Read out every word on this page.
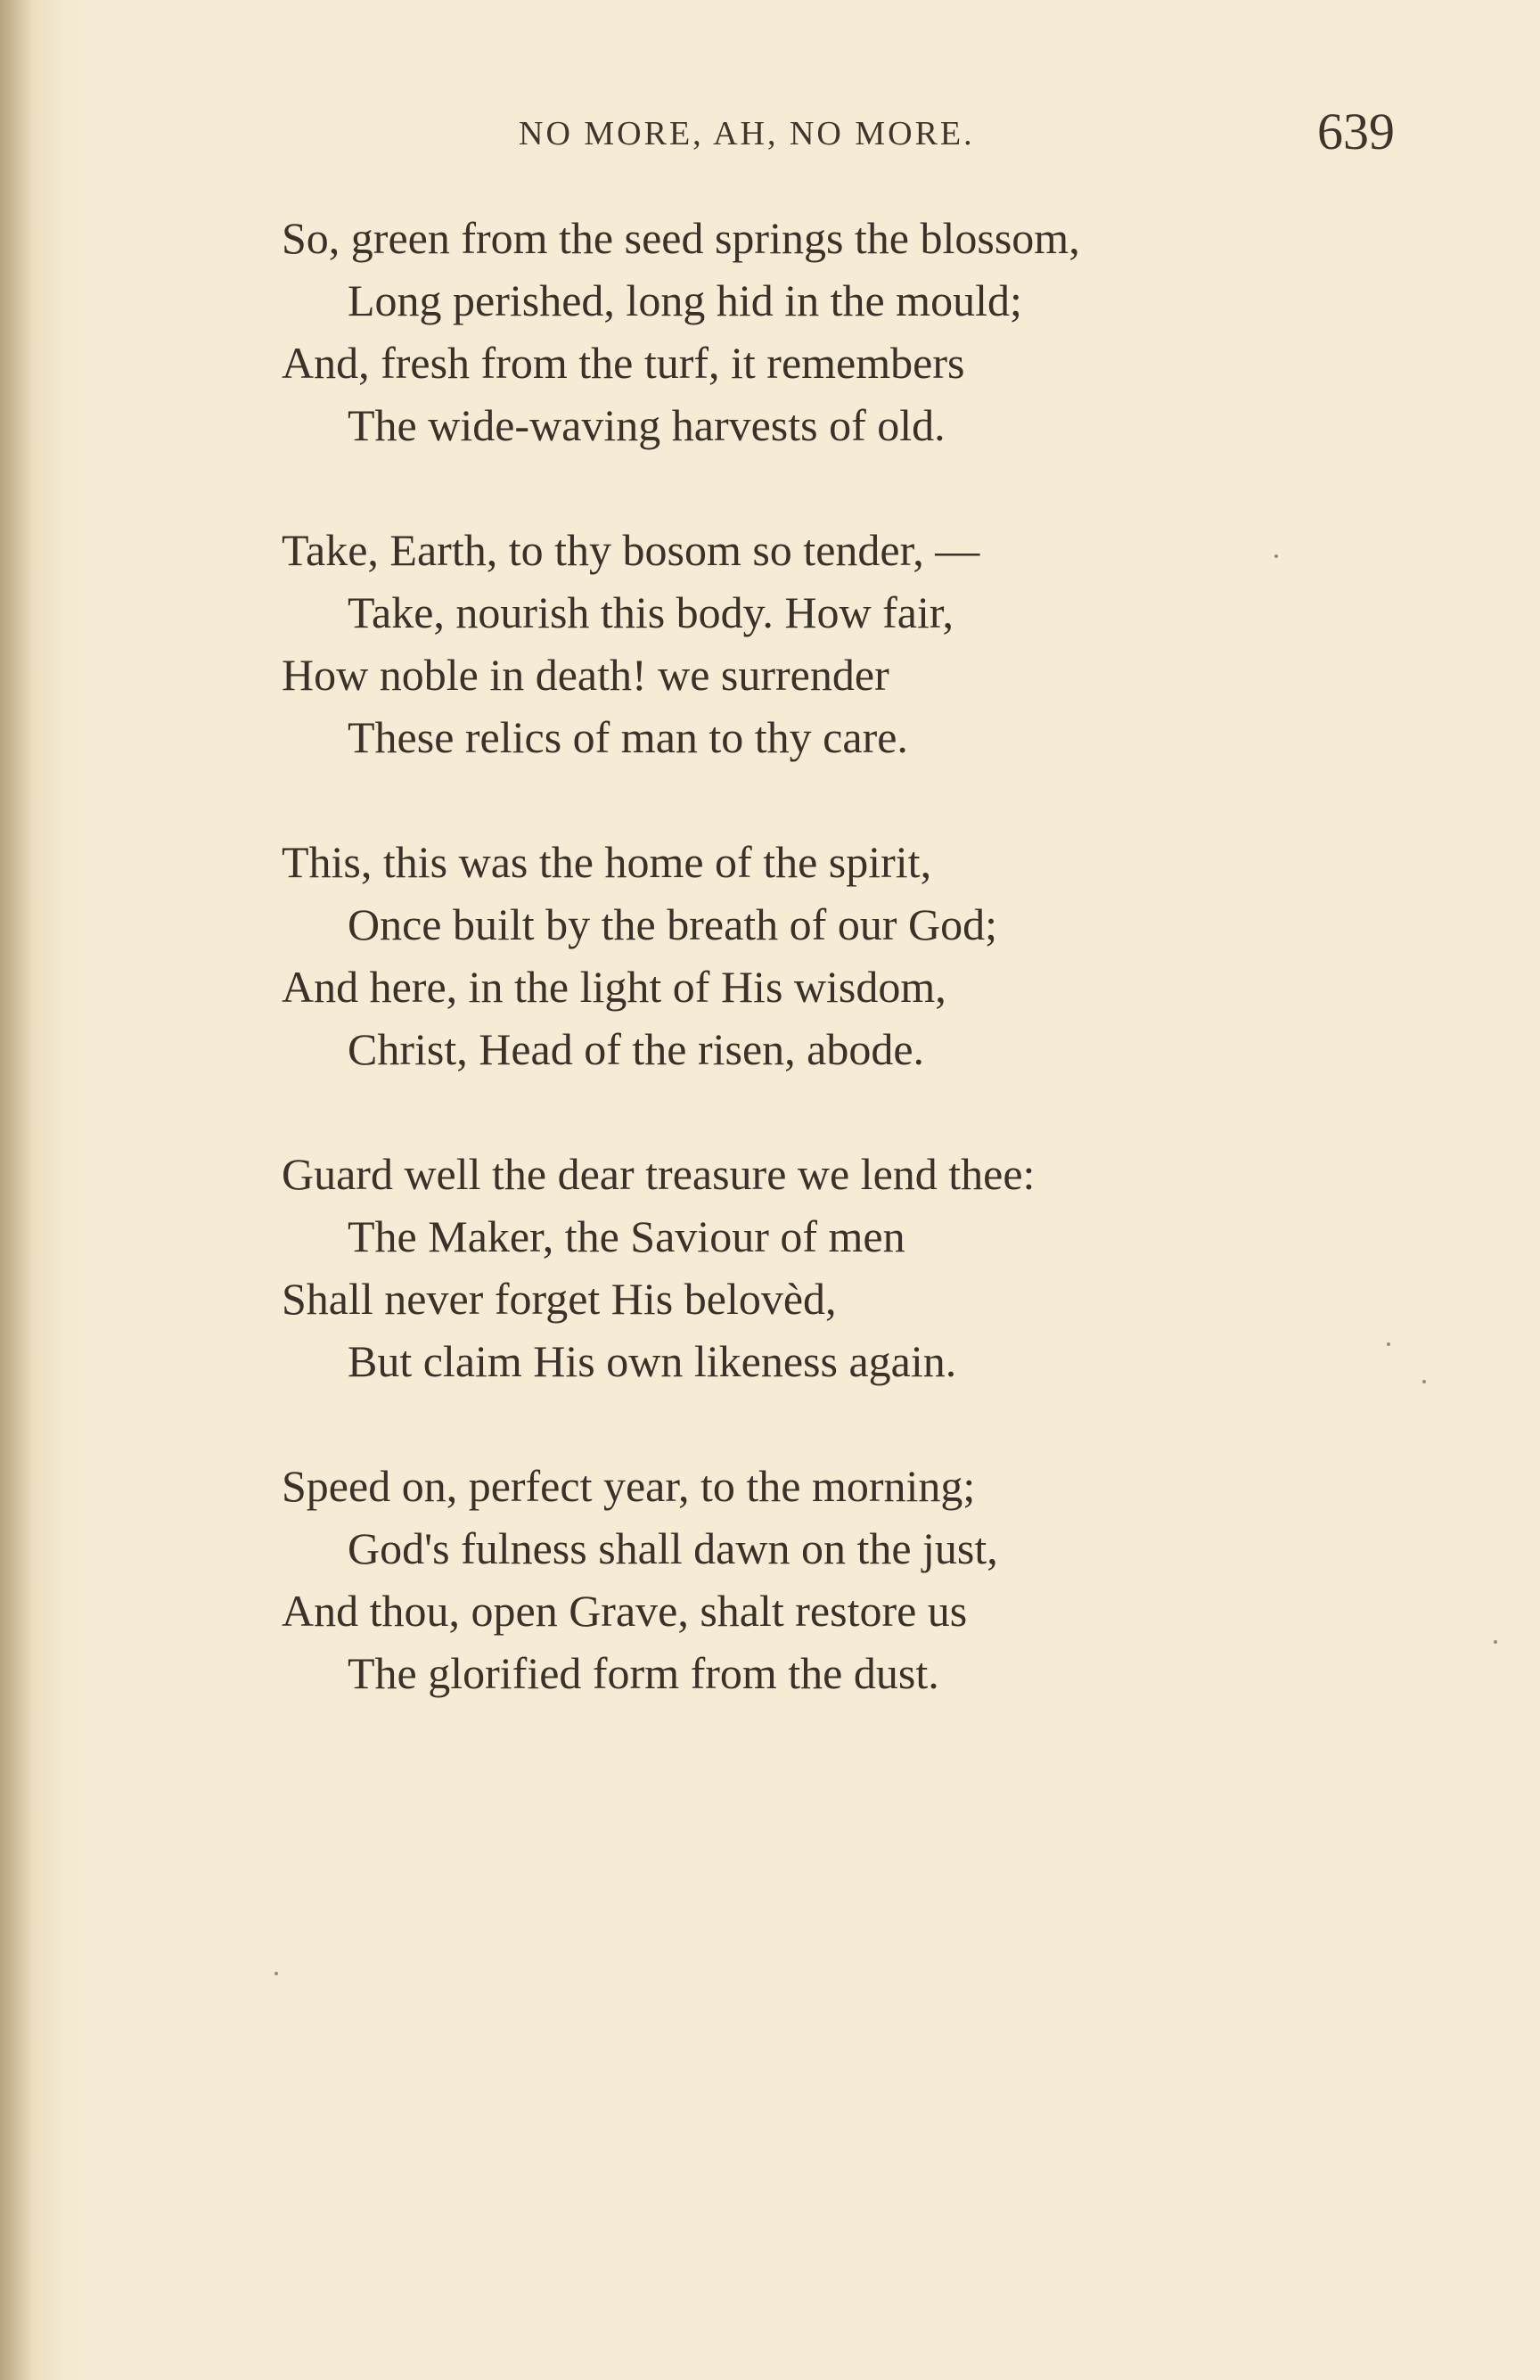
NO MORE, AH, NO MORE.	639

So, green from the seed springs the blossom,

Long perished, long hid in the mould;

And, fresh from the turf, it remembers

The wide-waving harvests of old.

Take, Earth, to thy bosom so tender, —

Take, nourish this body. How fair,

How noble in death! we surrender

These relics of man to thy care.

This, this was the home of the spirit,

Once built by the breath of our God;

And here, in the light of His wisdom,

Christ, Head of the risen, abode.

Guard well the dear treasure we lend thee:

The Maker, the Saviour of men

Shall never forget His belovèd,

But claim His own likeness again.

Speed on, perfect year, to the morning;

God's fulness shall dawn on the just,

And thou, open Grave, shalt restore us

The glorified form from the dust.
